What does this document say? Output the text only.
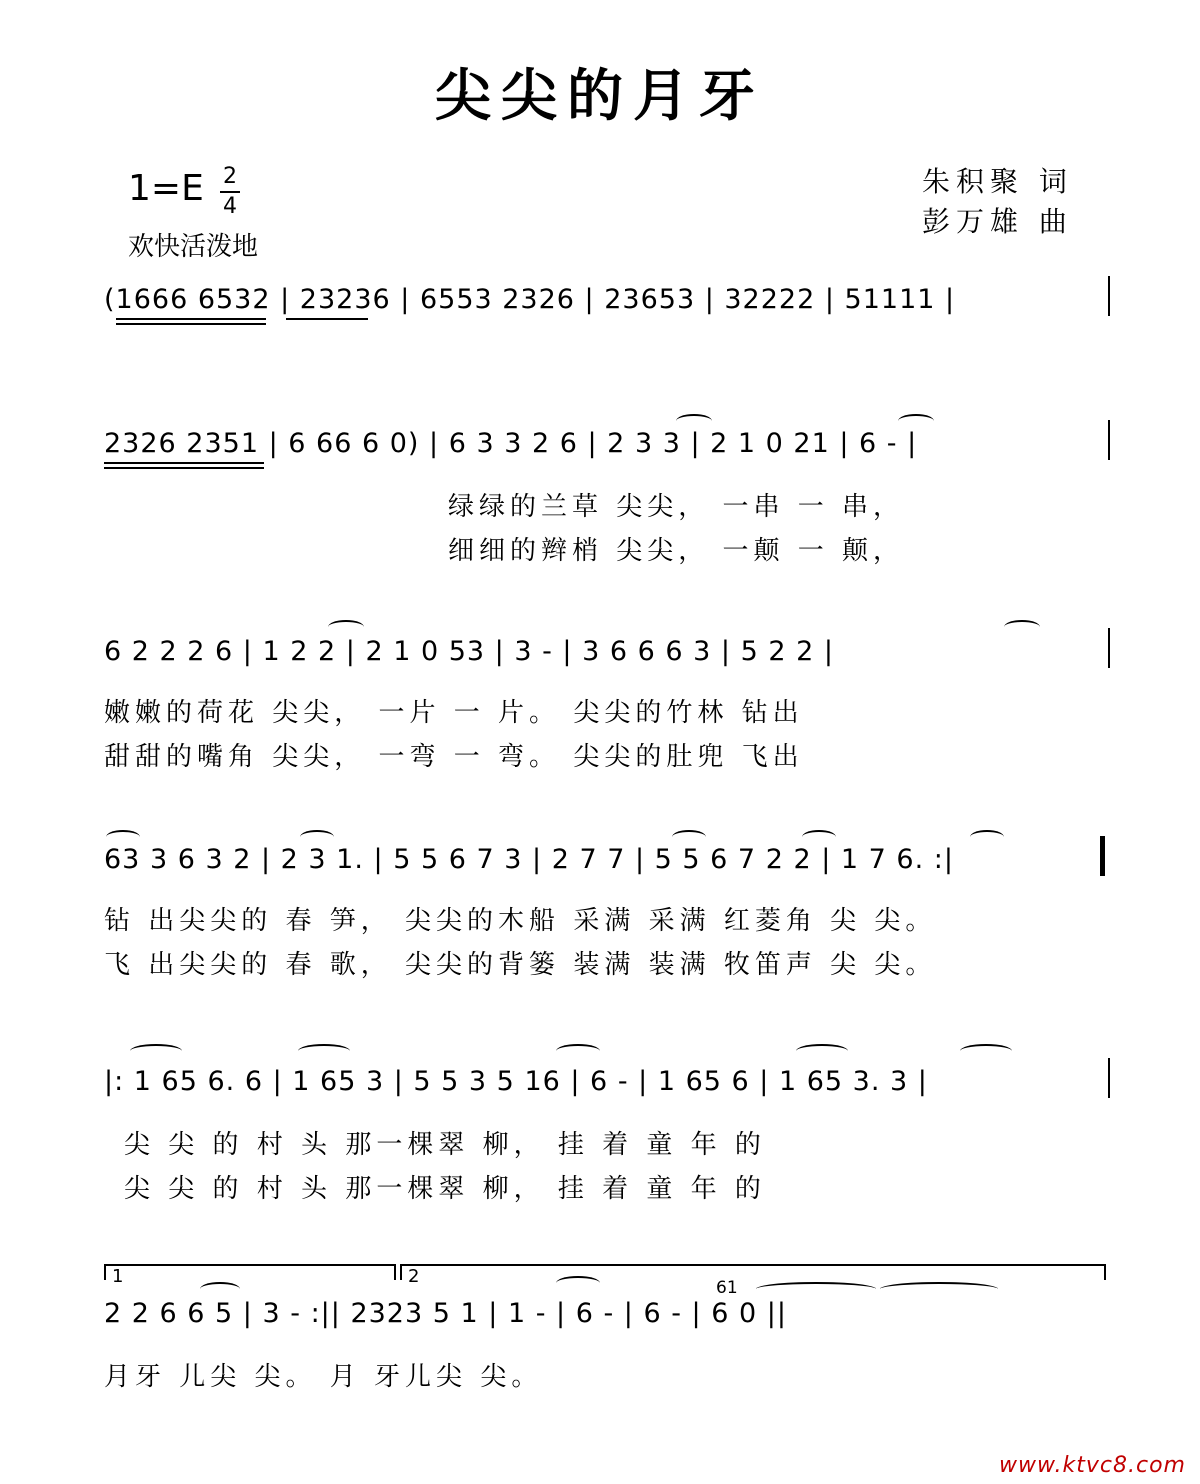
尖尖的月牙
1=E 2
4
欢快活泼地
朱积聚 词
彭万雄 曲
(1666 6532 | 23236 | 6553 2326 | 23653 | 32222 | 51111 |
2326 2351 | 6 66 6 0) | 6 3 3 2 6 | 2 3 3 | 2 1 0 21 | 6 - |
绿绿的兰草 尖尖， 一串 一 串，
细细的辫梢 尖尖， 一颠 一 颠，
6 2 2 2 6 | 1 2 2 | 2 1 0 53 | 3 - | 3 6 6 6 3 | 5 2 2 |
嫩嫩的荷花 尖尖， 一片 一 片。 尖尖的竹林 钻出
甜甜的嘴角 尖尖， 一弯 一 弯。 尖尖的肚兜 飞出
63 3 6 3 2 | 2 3 1. | 5 5 6 7 3 | 2 7 7 | 5 5 6 7 2 2 | 1 7 6. :|
钻 出尖尖的 春 笋， 尖尖的木船 采满 采满 红菱角 尖 尖。
飞 出尖尖的 春 歌， 尖尖的背篓 装满 装满 牧笛声 尖 尖。
|: 1 65 6. 6 | 1 65 3 | 5 5 3 5 16 | 6 - | 1 65 6 | 1 65 3. 3 |
尖 尖 的 村 头 那一棵翠 柳， 挂 着 童 年 的
尖 尖 的 村 头 那一棵翠 柳， 挂 着 童 年 的
1	2
61
2 2 6 6 5 | 3 - :|| 2323 5 1 | 1 - | 6 - | 6 - | 6 0 ||
月牙 儿尖 尖。 月 牙儿尖 尖。
www.ktvc8.com
